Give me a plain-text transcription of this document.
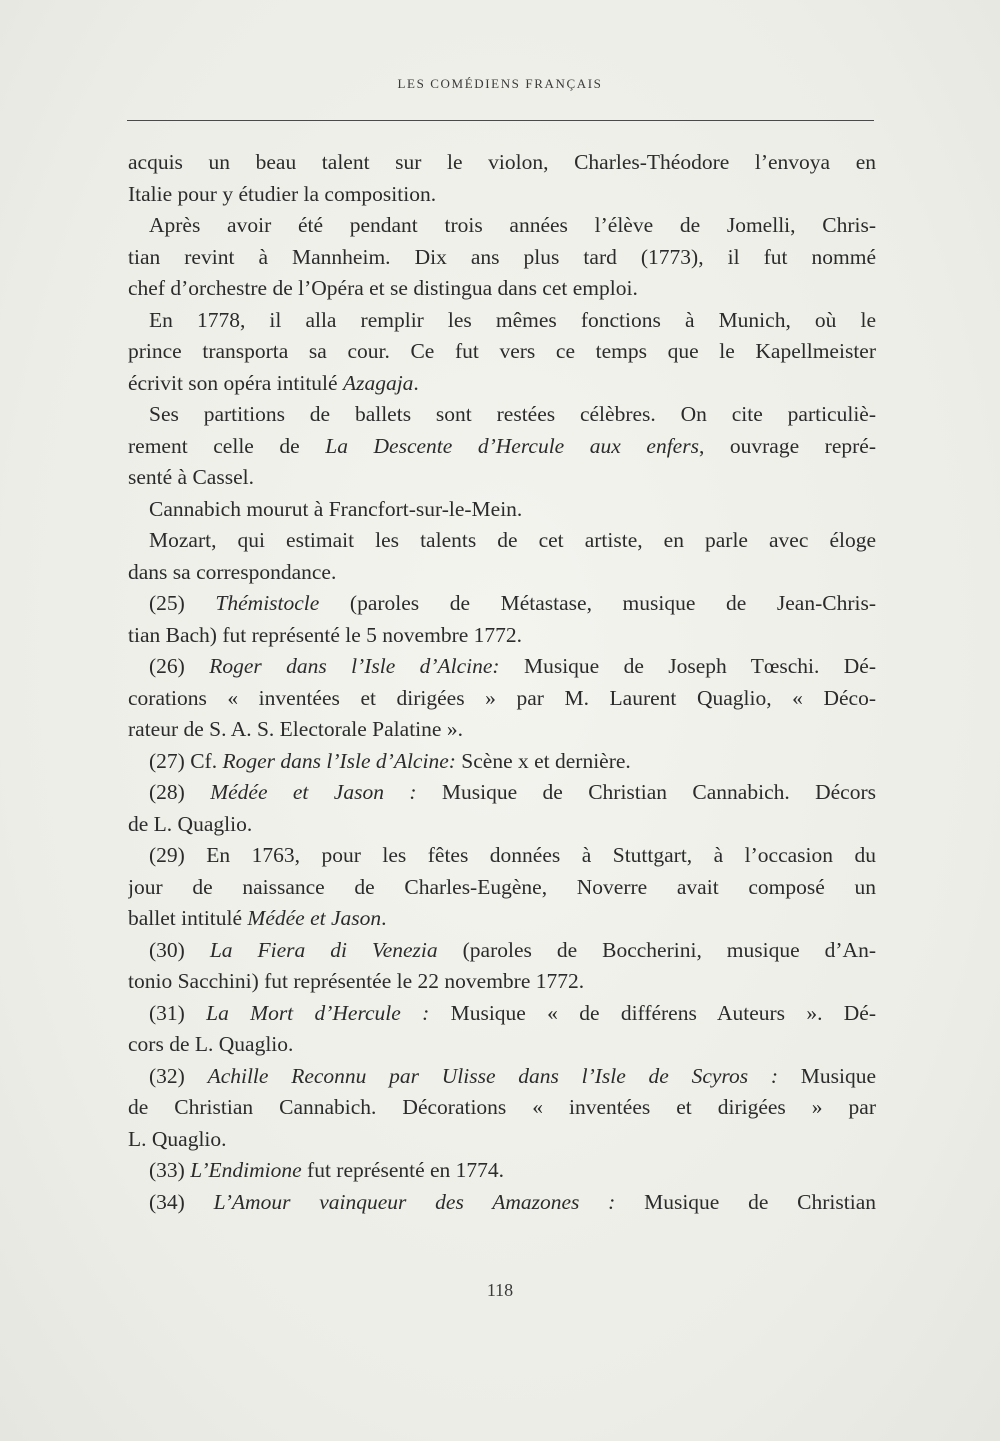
LES COMÉDIENS FRANÇAIS
acquis un beau talent sur le violon, Charles-Théodore l’envoya en
Italie pour y étudier la composition.
Après avoir été pendant trois années l’élève de Jomelli, Chris-
tian revint à Mannheim. Dix ans plus tard (1773), il fut nommé
chef d’orchestre de l’Opéra et se distingua dans cet emploi.
En 1778, il alla remplir les mêmes fonctions à Munich, où le
prince transporta sa cour. Ce fut vers ce temps que le Kapellmeister
écrivit son opéra intitulé Azagaja.
Ses partitions de ballets sont restées célèbres. On cite particuliè-
rement celle de La Descente d’Hercule aux enfers, ouvrage repré-
senté à Cassel.
Cannabich mourut à Francfort-sur-le-Mein.
Mozart, qui estimait les talents de cet artiste, en parle avec éloge
dans sa correspondance.
(25) Thémistocle (paroles de Métastase, musique de Jean-Chris-
tian Bach) fut représenté le 5 novembre 1772.
(26) Roger dans l’Isle d’Alcine: Musique de Joseph Tœschi. Dé-
corations « inventées et dirigées » par M. Laurent Quaglio, « Déco-
rateur de S. A. S. Electorale Palatine ».
(27) Cf. Roger dans l’Isle d’Alcine: Scène x et dernière.
(28) Médée et Jason : Musique de Christian Cannabich. Décors
de L. Quaglio.
(29) En 1763, pour les fêtes données à Stuttgart, à l’occasion du
jour de naissance de Charles-Eugène, Noverre avait composé un
ballet intitulé Médée et Jason.
(30) La Fiera di Venezia (paroles de Boccherini, musique d’An-
tonio Sacchini) fut représentée le 22 novembre 1772.
(31) La Mort d’Hercule : Musique « de différens Auteurs ». Dé-
cors de L. Quaglio.
(32) Achille Reconnu par Ulisse dans l’Isle de Scyros : Musique
de Christian Cannabich. Décorations « inventées et dirigées » par
L. Quaglio.
(33) L’Endimione fut représenté en 1774.
(34) L’Amour vainqueur des Amazones : Musique de Christian
118
